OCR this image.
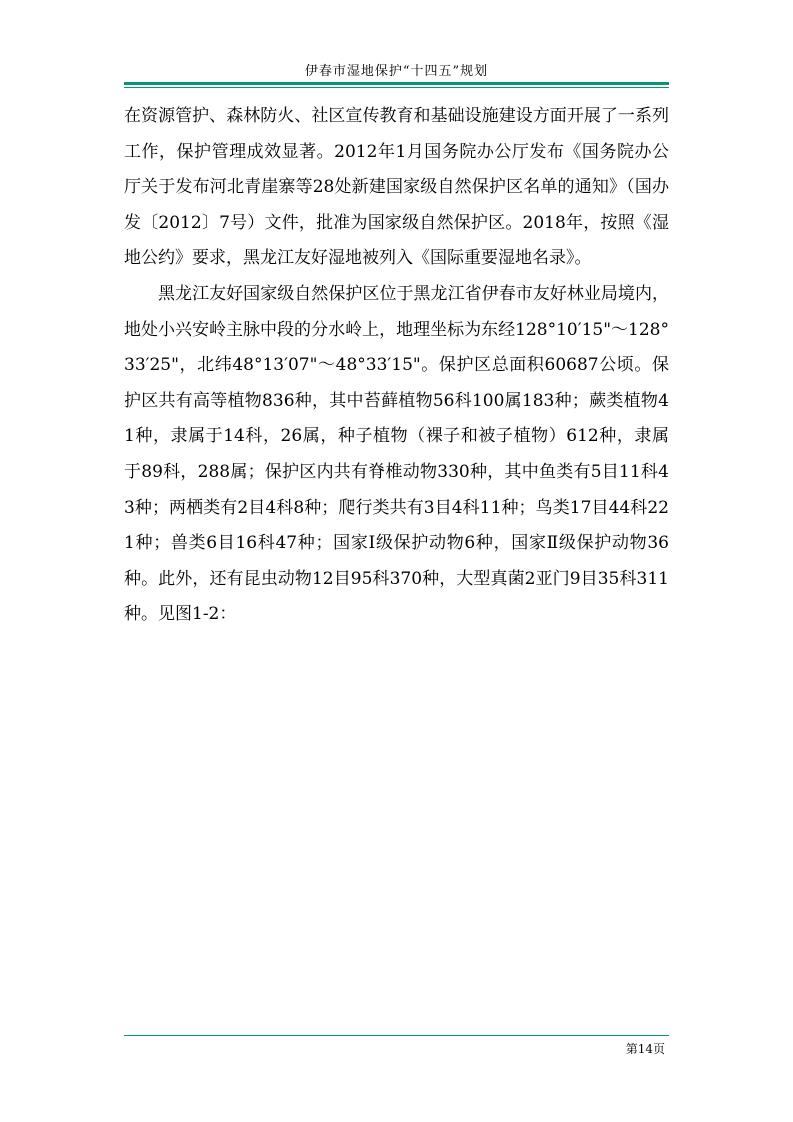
伊春市湿地保护“十四五”规划

在资源管护、森林防火、社区宣传教育和基础设施建设方面开展了一系列工作，保护管理成效显著。2012年1月国务院办公厅发布《国务院办公厅关于发布河北青崖寨等28处新建国家级自然保护区名单的通知》（国办发〔2012〕7号）文件，批准为国家级自然保护区。2018年，按照《湿地公约》要求，黑龙江友好湿地被列入《国际重要湿地名录》。

黑龙江友好国家级自然保护区位于黑龙江省伊春市友好林业局境内，地处小兴安岭主脉中段的分水岭上，地理坐标为东经128°10′15"～128°33′25"，北纬48°13′07"～48°33′15"。保护区总面积60687公顷。保护区共有高等植物836种，其中苔藓植物56科100属183种；蕨类植物41种，隶属于14科，26属，种子植物（裸子和被子植物）612种，隶属于89科，288属；保护区内共有脊椎动物330种，其中鱼类有5目11科43种；两栖类有2目4科8种；爬行类共有3目4科11种；鸟类17目44科221种；兽类6目16科47种；国家Ⅰ级保护动物6种，国家Ⅱ级保护动物36种。此外，还有昆虫动物12目95科370种，大型真菌2亚门9目35科311种。见图1-2：

第14页
